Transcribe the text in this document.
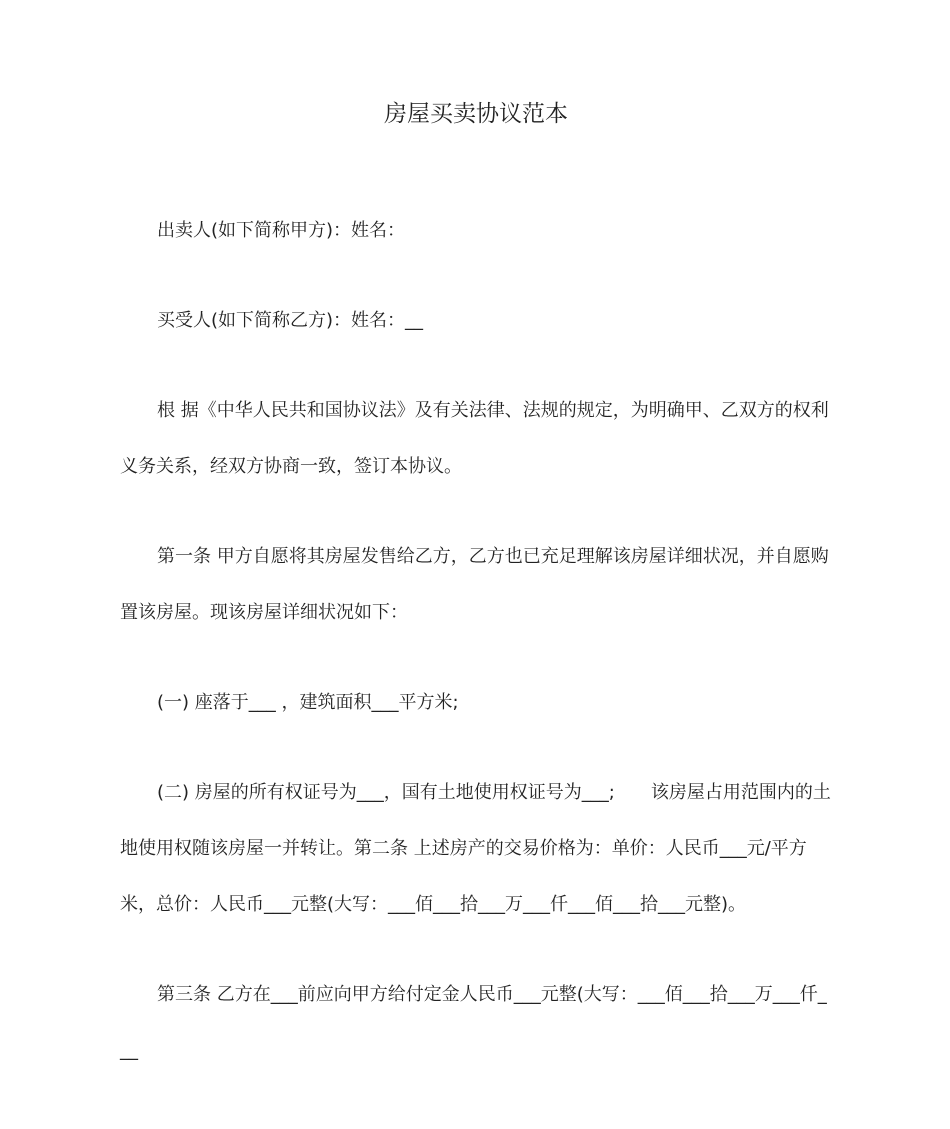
房屋买卖协议范本

出卖人(如下简称甲方)：姓名：

买受人(如下简称乙方)：姓名：__

根 据《中华人民共和国协议法》及有关法律、法规的规定，为明确甲、乙双方的权利义务关系，经双方协商一致，签订本协议。

第一条 甲方自愿将其房屋发售给乙方，乙方也已充足理解该房屋详细状况，并自愿购置该房屋。现该房屋详细状况如下：

(一) 座落于___ ，建筑面积___平方米;

(二) 房屋的所有权证号为___，国有土地使用权证号为___;　　该房屋占用范围内的土地使用权随该房屋一并转让。第二条 上述房产的交易价格为：单价：人民币___元/平方米，总价：人民币___元整(大写：___佰___拾___万___仟___佰___拾___元整)。

第三条 乙方在___前应向甲方给付定金人民币___元整(大写：___佰___拾___万___仟___
